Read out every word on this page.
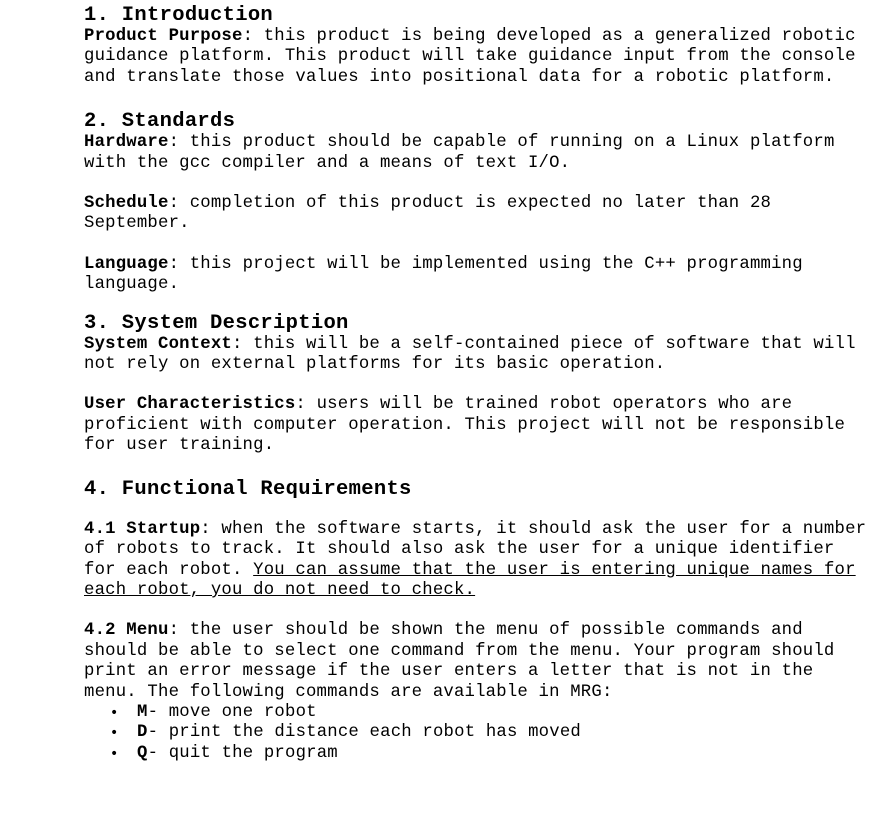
1. Introduction

Product Purpose: this product is being developed as a generalized robotic guidance platform. This product will take guidance input from the console and translate those values into positional data for a robotic platform.

2. Standards

Hardware: this product should be capable of running on a Linux platform with the gcc compiler and a means of text I/O.

Schedule: completion of this product is expected no later than 28 September.

Language: this project will be implemented using the C++ programming language.

3. System Description

System Context: this will be a self-contained piece of software that will not rely on external platforms for its basic operation.

User Characteristics: users will be trained robot operators who are proficient with computer operation. This project will not be responsible for user training.

4. Functional Requirements

4.1 Startup: when the software starts, it should ask the user for a number of robots to track. It should also ask the user for a unique identifier for each robot. You can assume that the user is entering unique names for each robot, you do not need to check.

4.2 Menu: the user should be shown the menu of possible commands and should be able to select one command from the menu. Your program should print an error message if the user enters a letter that is not in the menu. The following commands are available in MRG:

• M- move one robot
• D- print the distance each robot has moved
• Q- quit the program
